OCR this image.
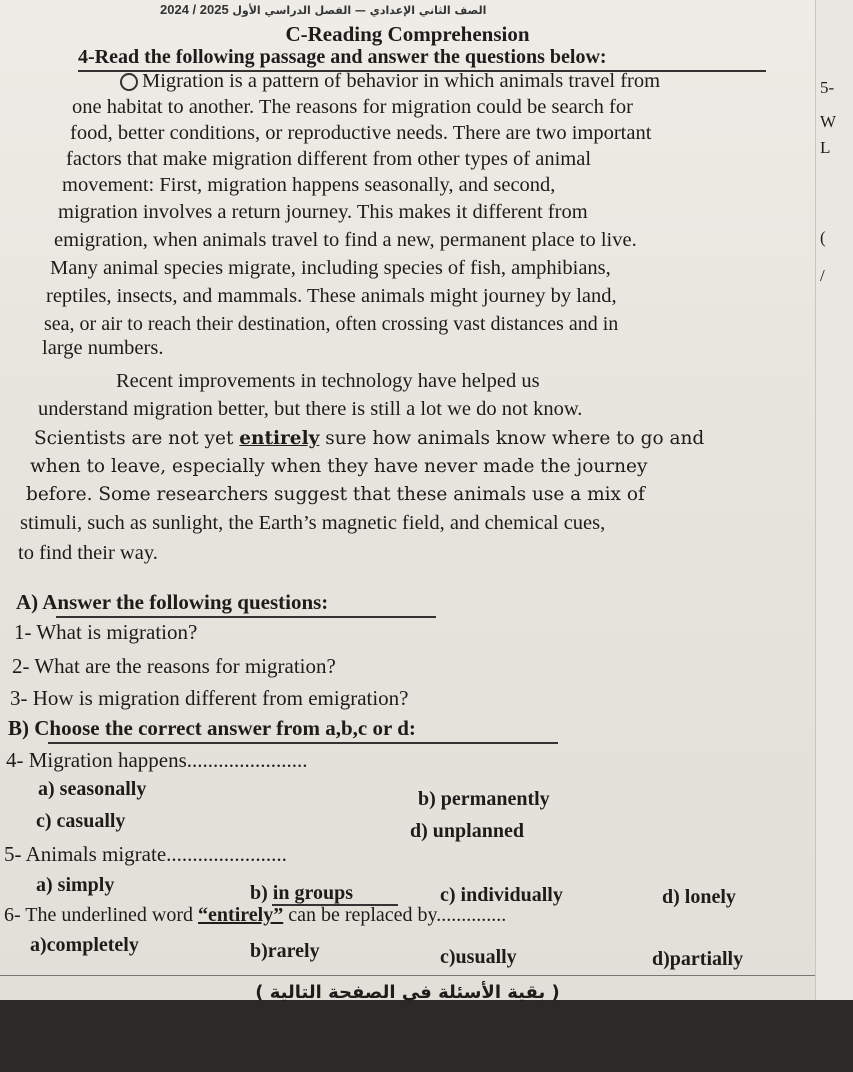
5-
W
L
(
/
2024 / 2025 الصف الثاني الإعدادي — الفصل الدراسي الأول
C-Reading Comprehension
4-Read the following passage and answer the questions below:
Migration is a pattern of behavior in which animals travel from
one habitat to another. The reasons for migration could be search for
food, better conditions, or reproductive needs. There are two important
factors that make migration different from other types of animal
movement: First, migration happens seasonally, and second,
migration involves a return journey. This makes it different from
emigration, when animals travel to find a new, permanent place to live.
Many animal species migrate, including species of fish, amphibians,
reptiles, insects, and mammals. These animals might journey by land,
sea, or air to reach their destination, often crossing vast distances and in
large numbers.
Recent improvements in technology have helped us
understand migration better, but there is still a lot we do not know.
Scientists are not yet entirely sure how animals know where to go and
when to leave, especially when they have never made the journey
before. Some researchers suggest that these animals use a mix of
stimuli, such as sunlight, the Earth’s magnetic field, and chemical cues,
to find their way.
A) Answer the following questions:
1- What is migration?
2- What are the reasons for migration?
3- How is migration different from emigration?
B) Choose the correct answer from a,b,c or d:
4- Migration happens.......................
a) seasonally	b) permanently
c) casually	d) unplanned
5- Animals migrate.......................
a) simply	b) in groups	c) individually	d) lonely
6- The underlined word “entirely” can be replaced by..............
a)completely	b)rarely	c)usually	d)partially
( بقية الأسئلة في الصفحة التالية )
